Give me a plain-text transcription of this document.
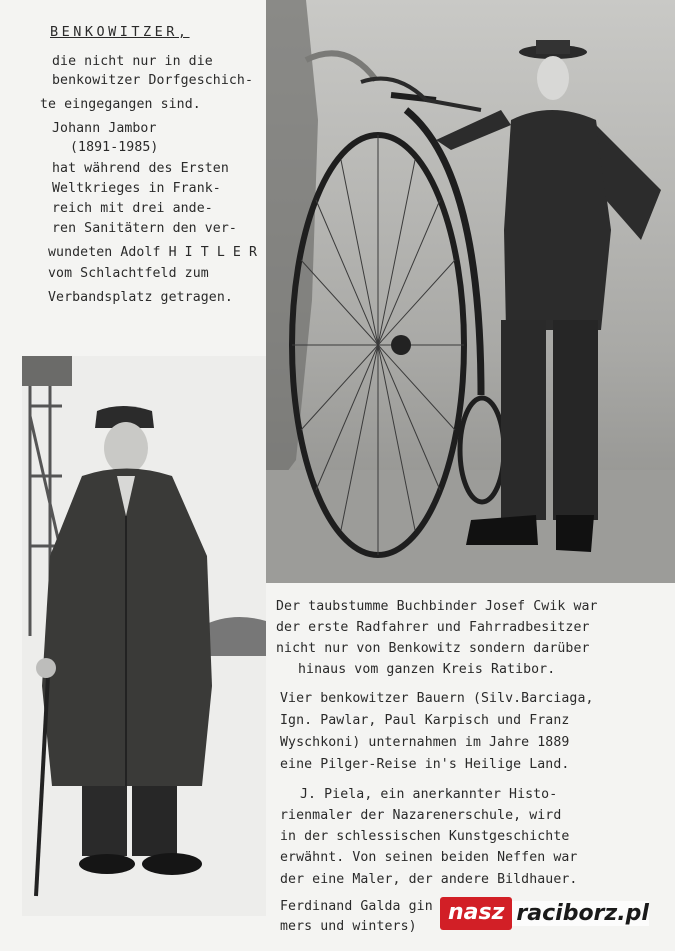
BENKOWITZER,
die nicht nur in die
benkowitzer Dorfgeschich-
te eingegangen sind.
Johann Jambor
(1891-1985)
hat während des Ersten
Weltkrieges in Frank-
reich mit drei ande-
ren Sanitätern den ver-
wundeten Adolf H I T L E R
vom Schlachtfeld zum
Verbandsplatz getragen.
Der taubstumme Buchbinder Josef Cwik war
der erste Radfahrer und Fahrradbesitzer
nicht nur von Benkowitz sondern darüber
hinaus vom ganzen Kreis Ratibor.
Vier benkowitzer Bauern (Silv.Barciaga,
Ign. Pawlar, Paul Karpisch und Franz
Wyschkoni) unternahmen im Jahre 1889
eine Pilger-Reise in's Heilige Land.
J. Piela, ein anerkannter Histo-
rienmaler der Nazarenerschule, wird
in der schlessischen Kunstgeschichte
erwähnt. Von seinen beiden Neffen war
der eine Maler, der andere Bildhauer.
Ferdinand Galda gin
mers und winters)
nasz raciborz.pl
